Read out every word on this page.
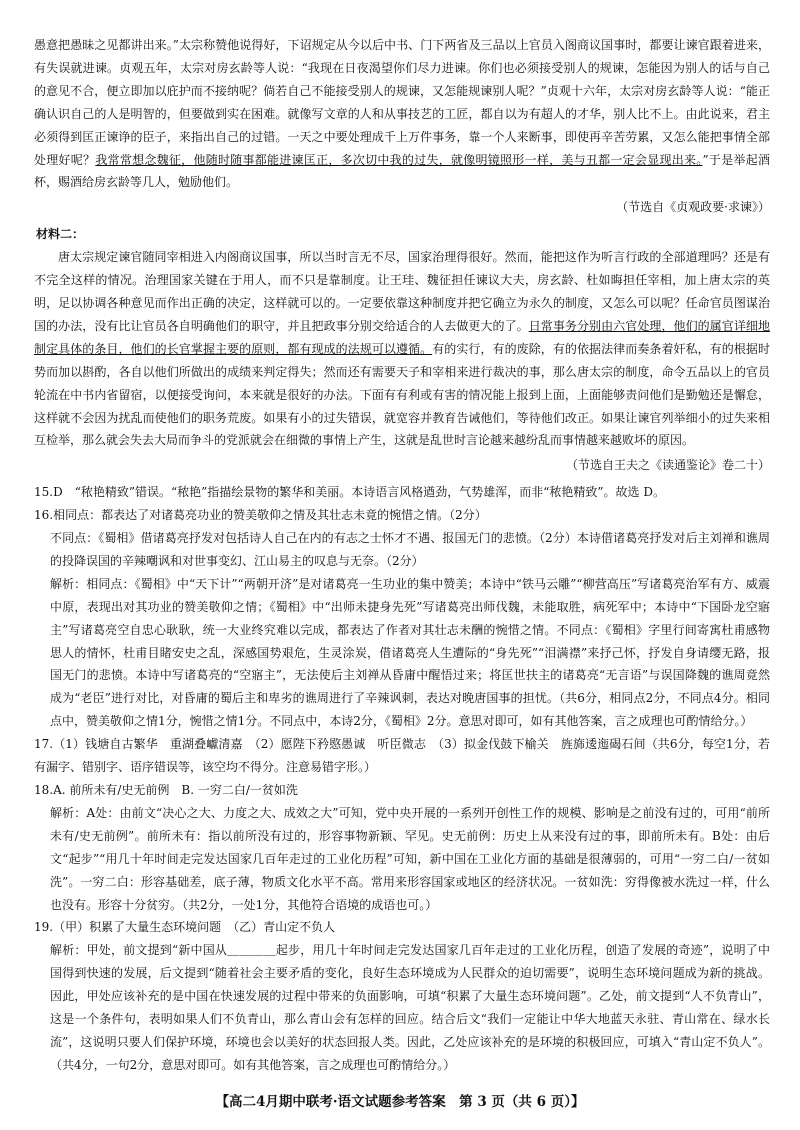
愚意把愚昧之见都讲出来。”太宗称赞他说得好，下诏规定从今以后中书、门下两省及三品以上官员入阁商议国事时，都要让谏官跟着进来，有失误就进谏。贞观五年，太宗对房玄龄等人说：“我现在日夜渴望你们尽力进谏。你们也必须接受别人的规谏，怎能因为别人的话与自己的意见不合，便立即加以庇护而不接纳呢？倘若自己不能接受别人的规谏，又怎能规谏别人呢？”贞观十六年，太宗对房玄龄等人说：“能正确认识自己的人是明智的，但要做到实在困难。就像写文章的人和从事技艺的工匠，都自以为有超人的才华，别人比不上。由此说来，君主必须得到匡正谏诤的臣子，来指出自己的过错。一天之中要处理成千上万件事务，靠一个人来断事，即使再辛苦劳累，又怎么能把事情全部处理好呢？我常常想念魏征，他随时随事都能进谏匡正，多次切中我的过失，就像明镜照形一样，美与丑都一定会显现出来。”于是举起酒杯，赐酒给房玄龄等几人，勉励他们。

（节选自《贞观政要·求谏》）

材料二：

唐太宗规定谏官随同宰相进入内阁商议国事，所以当时言无不尽，国家治理得很好。然而，能把这作为听言行政的全部道理吗？还是有不完全这样的情况。治理国家关键在于用人，而不只是靠制度。让王珪、魏征担任谏议大夫，房玄龄、杜如晦担任宰相，加上唐太宗的英明，足以协调各种意见而作出正确的决定，这样就可以的。一定要依靠这种制度并把它确立为永久的制度，又怎么可以呢？任命官员图谋治国的办法，没有比让官员各自明确他们的职守，并且把政事分别交给适合的人去做更大的了。日常事务分别由六官处理，他们的属官详细地制定具体的条目，他们的长官掌握主要的原则，都有现成的法规可以遵循。有的实行，有的废除，有的依据法律而奏条着奸私，有的根据时势而加以斟酌，各自以他们所做出的成绩来判定得失；然而还有需要天子和宰相来进行裁决的事，那么唐太宗的制度，命令五品以上的官员轮流在中书内省留宿，以便接受询问，本来就是很好的办法。下面有有利或有害的情况能上报到上面，上面能够责问他们是勤勉还是懈怠，这样就不会因为扰乱而使他们的职务荒废。如果有小的过失错误，就宽容并教育告诫他们，等待他们改正。如果让谏官列举细小的过失来相互检举，那么就会失去大局而争斗的党派就会在细微的事情上产生，这就是乱世时言论越来越纷乱而事情越来越败坏的原因。

（节选自王夫之《读通鉴论》卷二十）

15.D　“秾艳精致”错误。“秾艳”指描绘景物的繁华和美丽。本诗语言风格遒劲，气势雄浑，而非“秾艳精致”。故选 D。

16.相同点：都表达了对诸葛亮功业的赞美敬仰之情及其壮志未竟的惋惜之情。（2分）

不同点：《蜀相》借诸葛亮抒发对包括诗人自己在内的有志之士怀才不遇、报国无门的悲愤。（2分）本诗借诸葛亮抒发对后主刘禅和谯周的投降误国的辛辣嘲讽和对世事变幻、江山易主的叹息与无奈。（2分）

解析：相同点：《蜀相》中“天下计”“两朝开济”是对诸葛亮一生功业的集中赞美；本诗中“铁马云雕”“柳营高压”写诸葛亮治军有方、威震中原，表现出对其功业的赞美敬仰之情；《蜀相》中“出师未捷身先死”写诸葛亮出师伐魏，未能取胜，病死军中；本诗中“下国卧龙空寤主”写诸葛亮空自忠心耿耿，统一大业终究难以完成，都表达了作者对其壮志未酬的惋惜之情。不同点：《蜀相》字里行间寄寓杜甫感物思人的情怀，杜甫目睹安史之乱，深感国势艰危，生灵涂炭，借诸葛亮人生遭际的“身先死”“泪满襟”来抒己怀，抒发自身请缨无路，报国无门的悲愤。本诗中写诸葛亮的“空寤主”，无法使后主刘禅从昏庸中醒悟过来；将匡世扶主的诸葛亮“无言语”与误国降魏的谯周竟然成为“老臣”进行对比，对昏庸的蜀后主和卑劣的谯周进行了辛辣讽刺，表达对晚唐国事的担忧。（共6分，相同点2分，不同点4分。相同点中，赞美敬仰之情1分，惋惜之情1分。不同点中，本诗2分，《蜀相》2分。意思对即可，如有其他答案，言之成理也可酌情给分。）

17.（1）钱塘自古繁华　重湖叠巘清嘉　（2）愿陛下矜愍愚诚　听臣微志　（3）拟金伐鼓下榆关　旌旆逶迤碣石间（共6分，每空1分，若有漏字、错别字、语序错误等，该空均不得分。注意易错字形。）

18.A. 前所未有/史无前例　B. 一穷二白/一贫如洗

解析：A处：由前文“决心之大、力度之大、成效之大”可知，党中央开展的一系列开创性工作的规模、影响是之前没有过的，可用“前所未有/史无前例”。前所未有：指以前所没有过的，形容事物新颖、罕见。史无前例：历史上从来没有过的事，即前所未有。B处：由后文“起步”“用几十年时间走完发达国家几百年走过的工业化历程”可知，新中国在工业化方面的基础是很薄弱的，可用“一穷二白/一贫如洗”。一穷二白：形容基础差，底子薄，物质文化水平不高。常用来形容国家或地区的经济状况。一贫如洗：穷得像被水洗过一样，什么也没有。形容十分贫穷。（共2分，一处1分，其他符合语境的成语也可。）

19.（甲）积累了大量生态环境问题　（乙）青山定不负人

解析：甲处，前文提到“新中国从＿＿＿＿起步，用几十年时间走完发达国家几百年走过的工业化历程，创造了发展的奇迹”，说明了中国得到快速的发展，后文提到“随着社会主要矛盾的变化，良好生态环境成为人民群众的迫切需要”，说明生态环境问题成为新的挑战。因此，甲处应该补充的是中国在快速发展的过程中带来的负面影响，可填“积累了大量生态环境问题”。乙处，前文提到“人不负青山”，这是一个条件句，表明如果人们不负青山，那么青山会有怎样的回应。结合后文“我们一定能让中华大地蓝天永驻、青山常在、绿水长流”，这说明只要人们保护环境，环境也会以美好的状态回报人类。因此，乙处应该补充的是环境的积极回应，可填入“青山定不负人”。（共4分，一句2分，意思对即可。如有其他答案，言之成理也可酌情给分。）

【高二4月期中联考·语文试题参考答案　第 3 页（共 6 页）】
